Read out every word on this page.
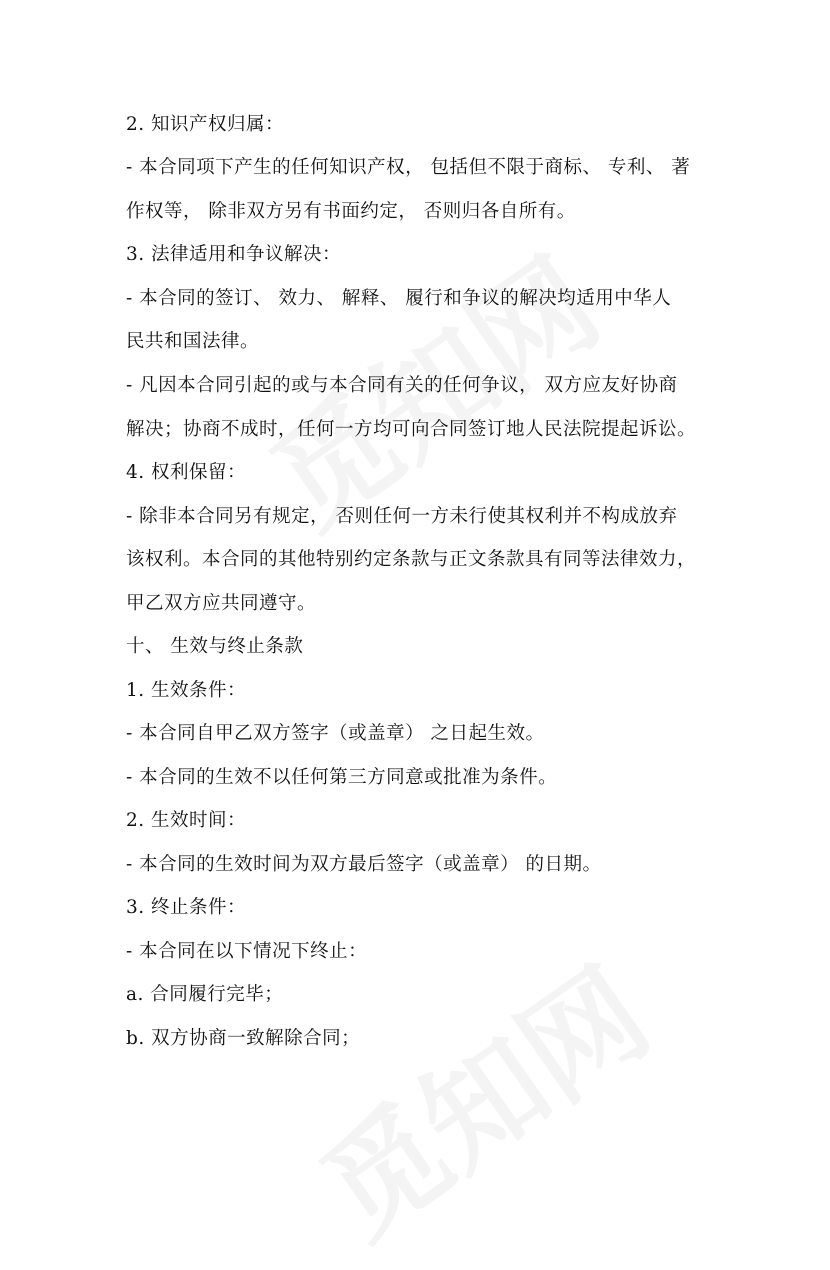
2. 知识产权归属：
- 本合同项下产生的任何知识产权， 包括但不限于商标、 专利、 著
作权等， 除非双方另有书面约定， 否则归各自所有。
3. 法律适用和争议解决：
- 本合同的签订、 效力、 解释、 履行和争议的解决均适用中华人
民共和国法律。
- 凡因本合同引起的或与本合同有关的任何争议， 双方应友好协商
解决；协商不成时，任何一方均可向合同签订地人民法院提起诉讼。
4. 权利保留：
- 除非本合同另有规定， 否则任何一方未行使其权利并不构成放弃
该权利。本合同的其他特别约定条款与正文条款具有同等法律效力，
甲乙双方应共同遵守。
十、 生效与终止条款
1. 生效条件：
- 本合同自甲乙双方签字（或盖章） 之日起生效。
- 本合同的生效不以任何第三方同意或批准为条件。
2. 生效时间：
- 本合同的生效时间为双方最后签字（或盖章） 的日期。
3. 终止条件：
- 本合同在以下情况下终止：
a. 合同履行完毕；
b. 双方协商一致解除合同；
